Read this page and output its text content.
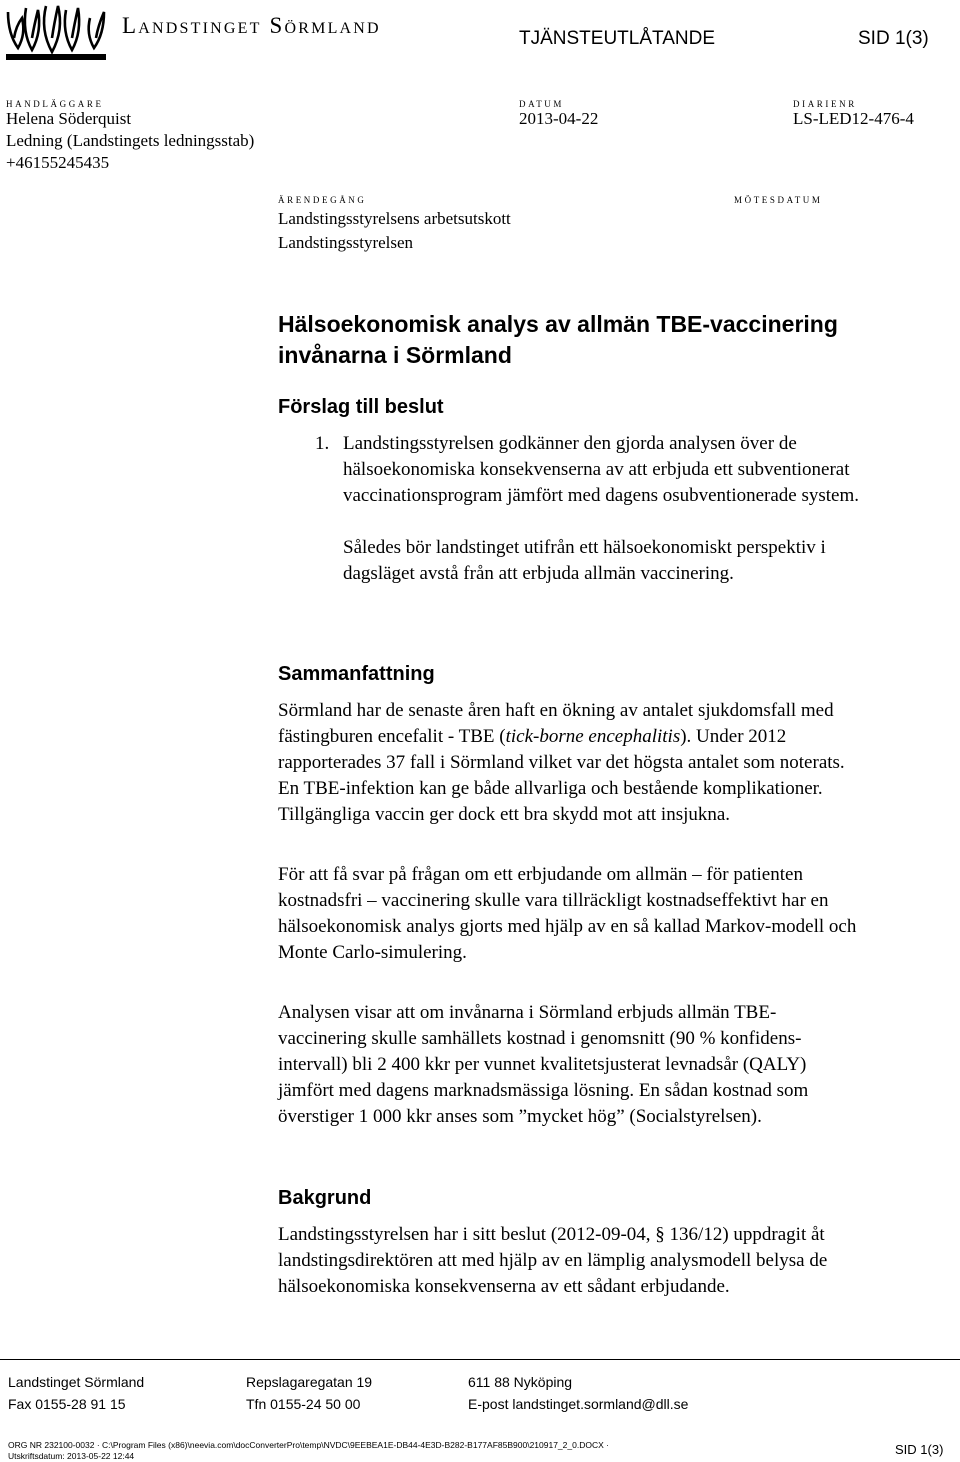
Landstinget Sörmland
TJÄNSTEUTLÅTANDE	SID 1(3)
HANDLÄGGARE
Helena Söderquist
Ledning (Landstingets ledningsstab)
+46155245435
DATUM
2013-04-22
DIARIENR
LS-LED12-476-4
ÄRENDEGÅNG
Landstingsstyrelsens arbetsutskott
Landstingsstyrelsen
MÖTESDATUM
Hälsoekonomisk analys av allmän TBE-vaccinering
invånarna i Sörmland
Förslag till beslut
1. Landstingsstyrelsen godkänner den gjorda analysen över de
hälsoekonomiska konsekvenserna av att erbjuda ett subventionerat
vaccinationsprogram jämfört med dagens osubventionerade system.
Således bör landstinget utifrån ett hälsoekonomiskt perspektiv i
dagsläget avstå från att erbjuda allmän vaccinering.
Sammanfattning
Sörmland har de senaste åren haft en ökning av antalet sjukdomsfall med
fästingburen encefalit - TBE (tick-borne encephalitis). Under 2012
rapporterades 37 fall i Sörmland vilket var det högsta antalet som noterats.
En TBE-infektion kan ge både allvarliga och bestående komplikationer.
Tillgängliga vaccin ger dock ett bra skydd mot att insjukna.
För att få svar på frågan om ett erbjudande om allmän – för patienten
kostnadsfri – vaccinering skulle vara tillräckligt kostnadseffektivt har en
hälsoekonomisk analys gjorts med hjälp av en så kallad Markov-modell och
Monte Carlo-simulering.
Analysen visar att om invånarna i Sörmland erbjuds allmän TBE-
vaccinering skulle samhällets kostnad i genomsnitt (90 % konfidens-
intervall) bli 2 400 kkr per vunnet kvalitetsjusterat levnadsår (QALY)
jämfört med dagens marknadsmässiga lösning. En sådan kostnad som
överstiger 1 000 kkr anses som ”mycket hög” (Socialstyrelsen).
Bakgrund
Landstingsstyrelsen har i sitt beslut (2012-09-04, § 136/12) uppdragit åt
landstingsdirektören att med hjälp av en lämplig analysmodell belysa de
hälsoekonomiska konsekvenserna av ett sådant erbjudande.
Landstinget Sörmland	Repslagaregatan 19	611 88 Nyköping
Fax 0155-28 91 15	Tfn 0155-24 50 00	E-post landstinget.sormland@dll.se
ORG NR 232100-0032 · C:\Program Files (x86)\neevia.com\docConverterPro\temp\NVDC\9EEBEA1E-DB44-4E3D-B282-B177AF85B900\210917_2_0.DOCX ·
Utskriftsdatum: 2013-05-22 12:44	SID 1(3)
